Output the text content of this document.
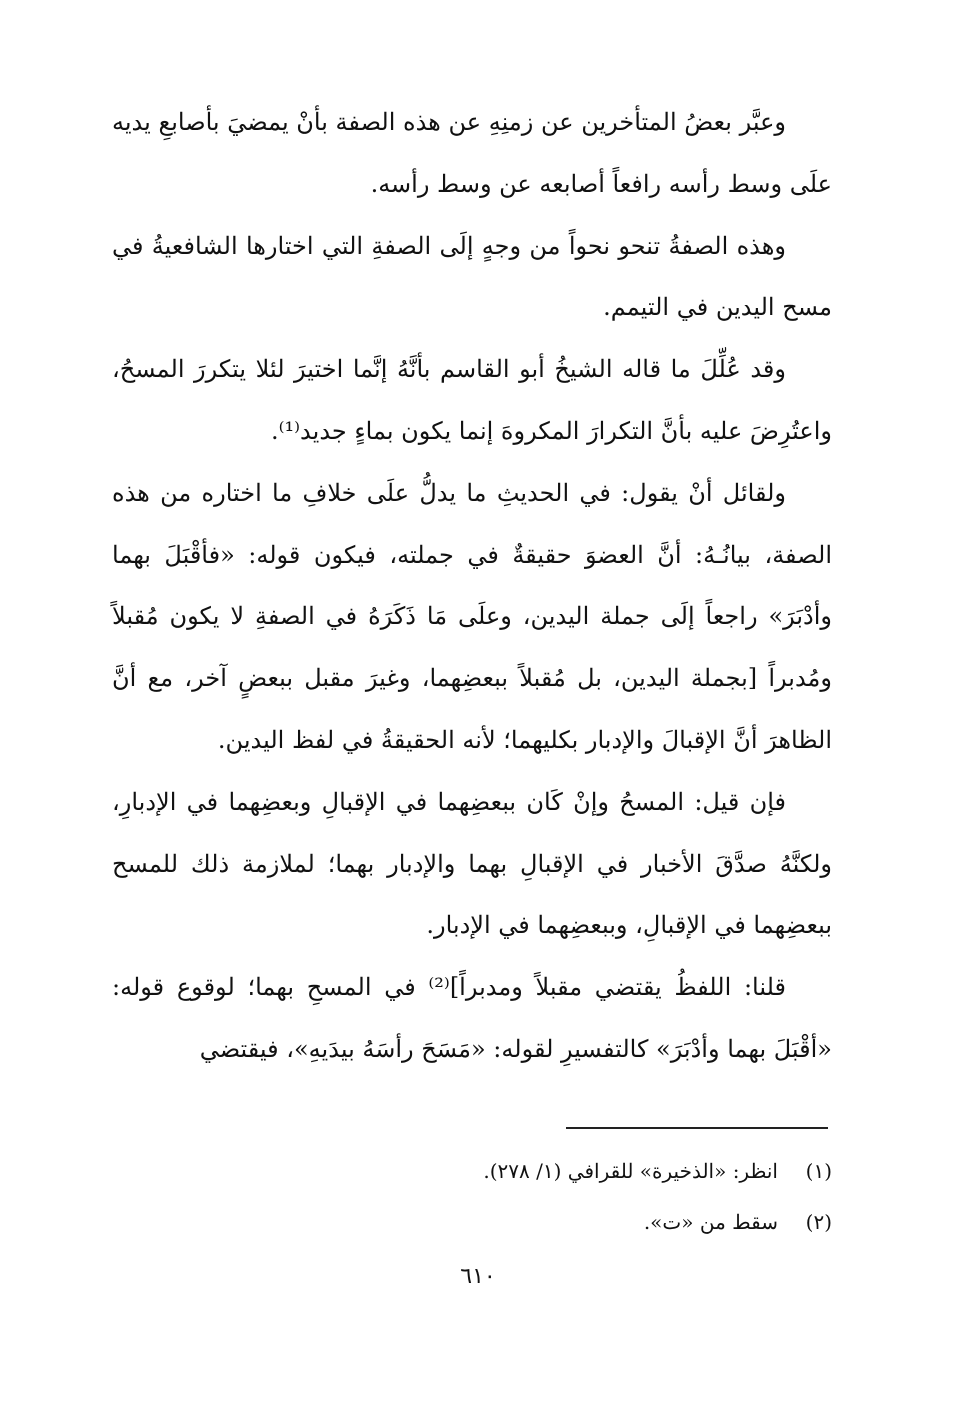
وعبَّر بعضُ المتأخرين عن زمنِهِ عن هذه الصفة بأنْ يمضيَ بأصابعِ يديه علَى وسط رأسه رافعاً أصابعه عن وسط رأسه.

وهذه الصفةُ تنحو نحواً من وجهٍ إلَى الصفةِ التي اختارها الشافعيةُ في مسح اليدين في التيمم.

وقد عُلِّلَ ما قاله الشيخُ أبو القاسم بأنَّهُ إنَّما اختيرَ لئلا يتكررَ المسحُ، واعتُرِضَ عليه بأنَّ التكرارَ المكروهَ إنما يكون بماءٍ جديد⁽¹⁾.

ولقائل أنْ يقول: في الحديثِ ما يدلُّ علَى خلافِ ما اختاره من هذه الصفة، بيانُـهُ: أنَّ العضوَ حقيقةٌ في جملته، فيكون قوله: «فأقْبَلَ بهما وأدْبَرَ» راجعاً إلَى جملة اليدين، وعلَى مَا ذَكَرَهُ في الصفةِ لا يكون مُقبلاً ومُدبراً [بجملة اليدين، بل مُقبلاً ببعضِهما، وغيرَ مقبل ببعضٍ آخر، مع أنَّ الظاهرَ أنَّ الإقبالَ والإدبار بكليهما؛ لأنه الحقيقةُ في لفظ اليدين.

فإن قيل: المسحُ وإنْ كَان ببعضِهما في الإقبالِ وبعضِهما في الإدبارِ، ولكنَّهُ صدَّقَ الأخبار في الإقبالِ بهما والإدبار بهما؛ لملازمة ذلك للمسح ببعضِهما في الإقبالِ، وببعضِهما في الإدبار.

قلنا: اللفظُ يقتضي مقبلاً ومدبراً]⁽²⁾ في المسحِ بهما؛ لوقوع قوله: «أقْبَلَ بهما وأدْبَرَ» كالتفسيرِ لقوله: «مَسَحَ رأسَهُ بيدَيهِ»، فيقتضي

(١)
انظر: «الذخيرة» للقرافي (١/ ٢٧٨).
(٢)
سقط من «ت».
٦١٠
